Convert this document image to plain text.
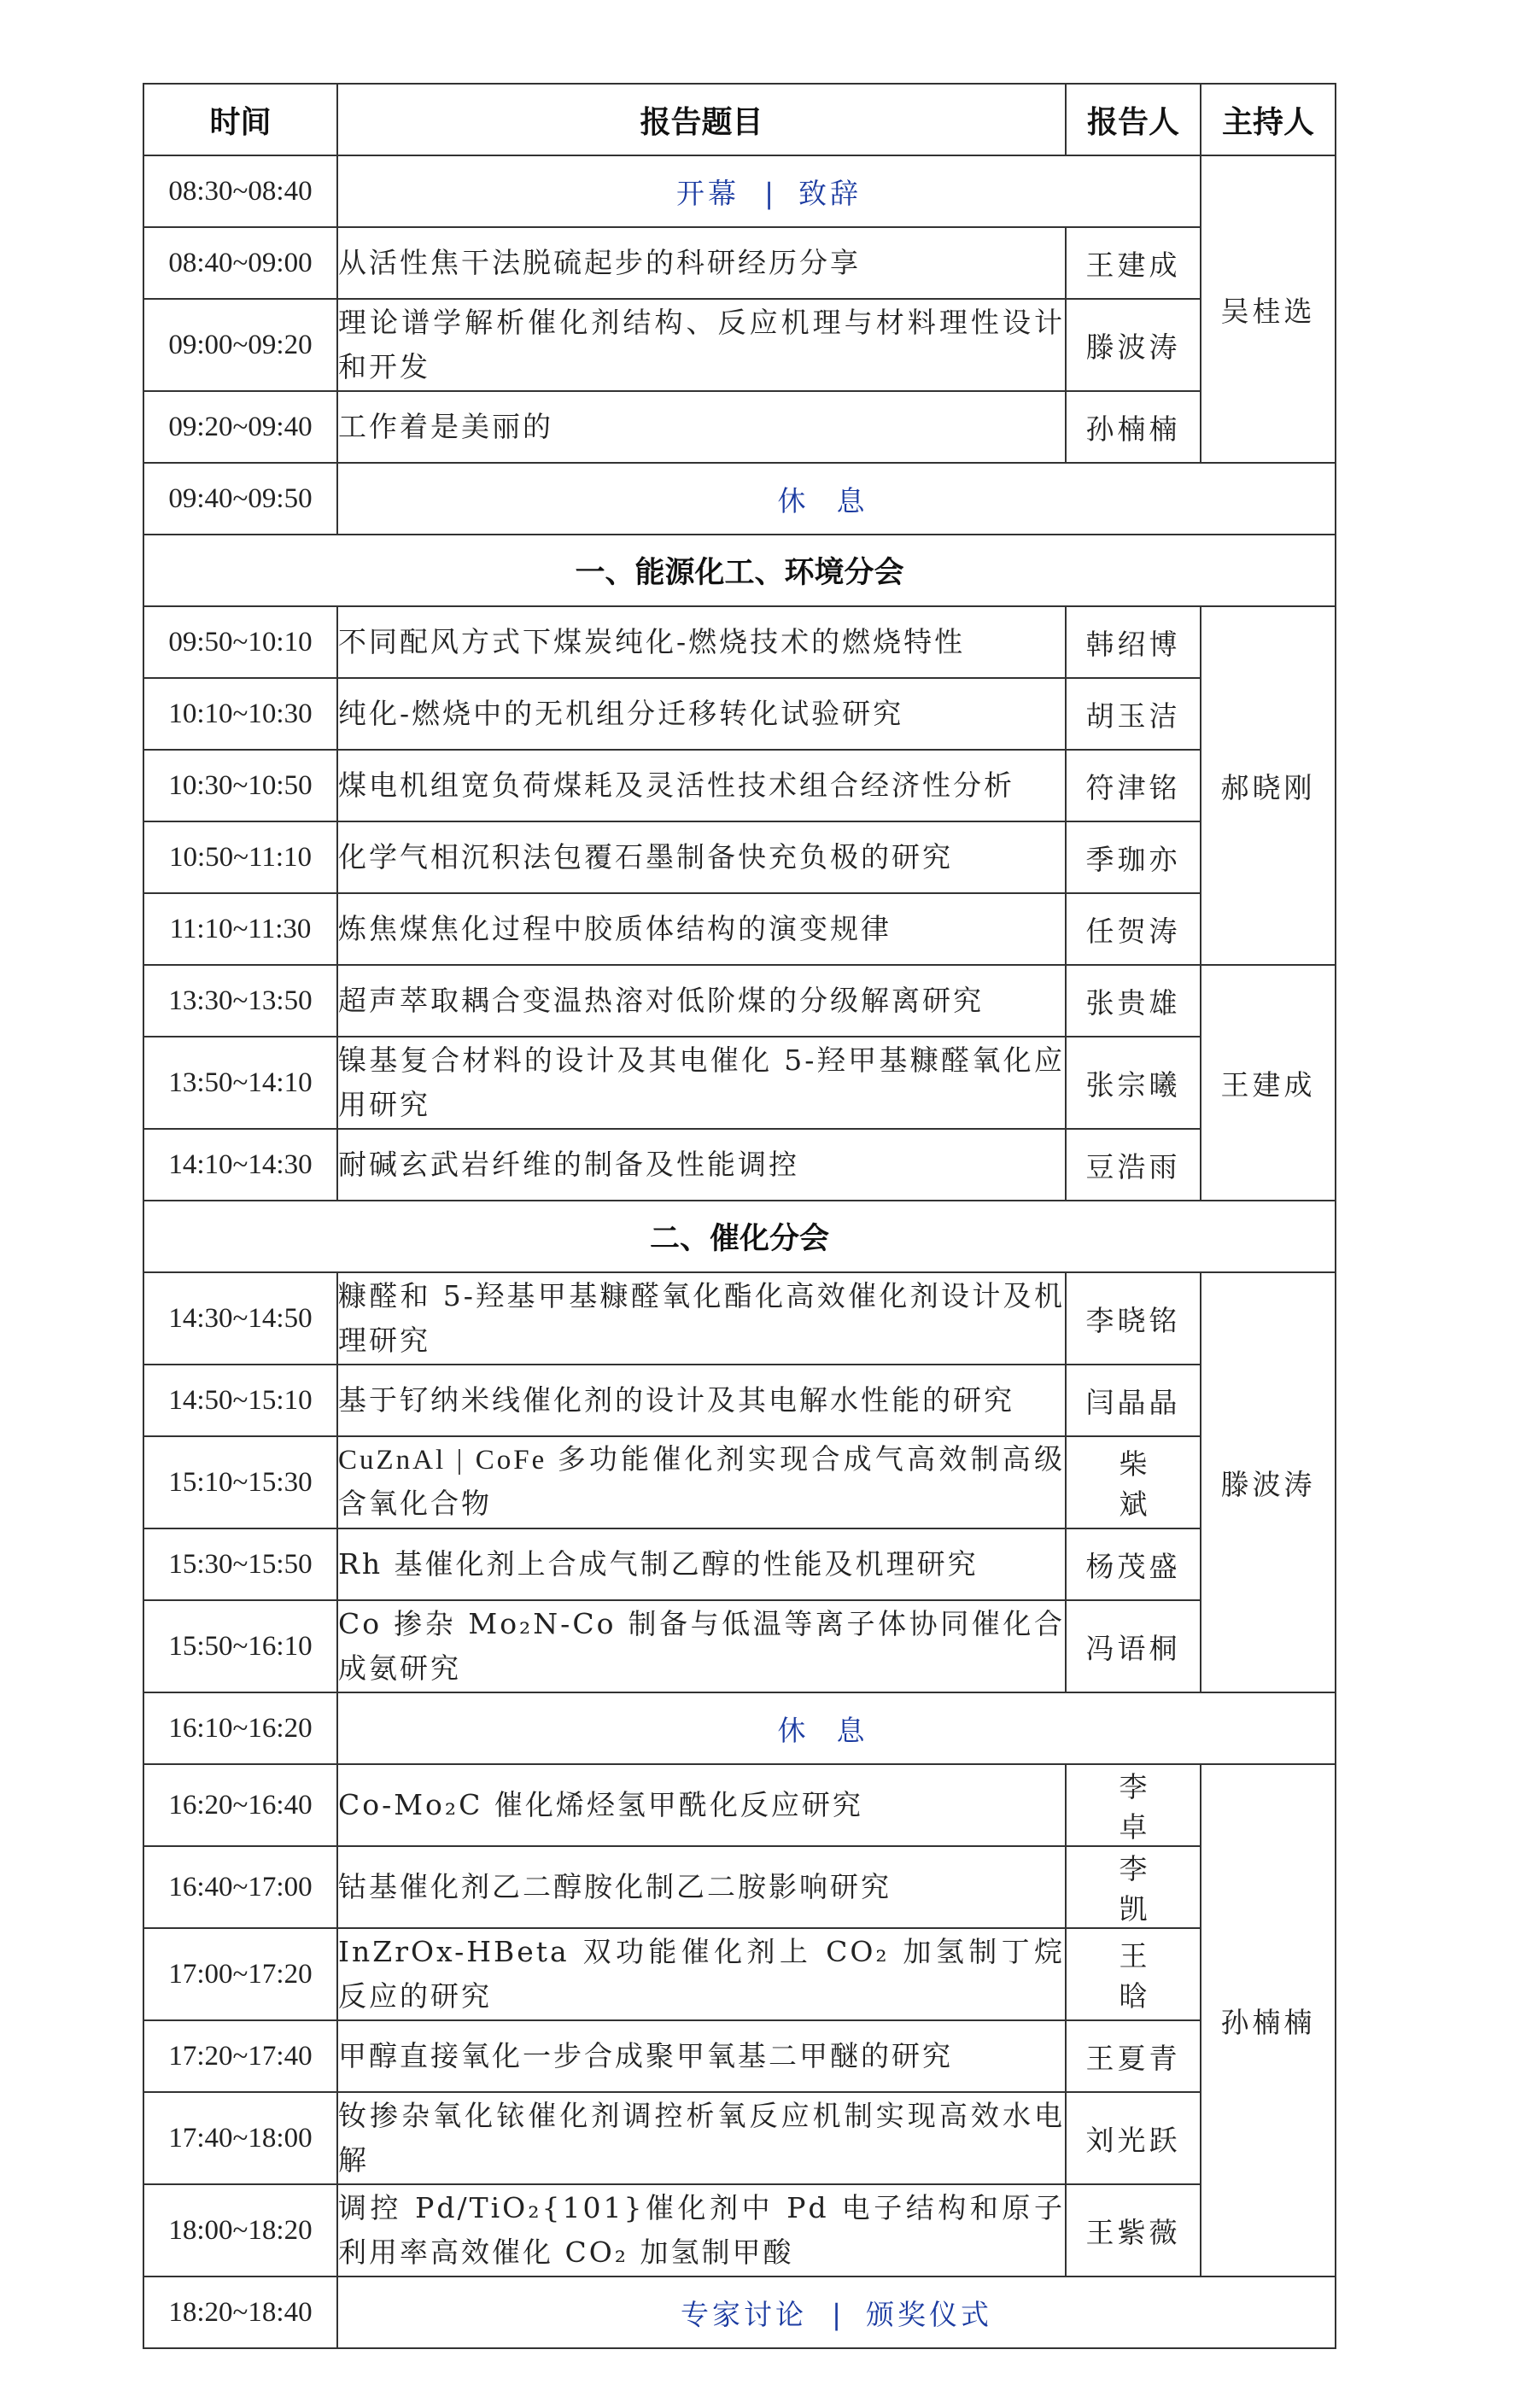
时间	报告题目	报告人	主持人
08:30~08:40	开幕 | 致辞		吴桂选
08:40~09:00	从活性焦干法脱硫起步的科研经历分享	王建成	
09:00~09:20	理论谱学解析催化剂结构、反应机理与材料理性设计和开发	滕波涛	
09:20~09:40	工作着是美丽的	孙楠楠	
09:40~09:50	休息		
一、能源化工、环境分会			
09:50~10:10	不同配风方式下煤炭纯化-燃烧技术的燃烧特性	韩绍博	郝晓刚
10:10~10:30	纯化-燃烧中的无机组分迁移转化试验研究	胡玉洁	
10:30~10:50	煤电机组宽负荷煤耗及灵活性技术组合经济性分析	符津铭	
10:50~11:10	化学气相沉积法包覆石墨制备快充负极的研究	季珈亦	
11:10~11:30	炼焦煤焦化过程中胶质体结构的演变规律	任贺涛	
13:30~13:50	超声萃取耦合变温热溶对低阶煤的分级解离研究	张贵雄	王建成
13:50~14:10	镍基复合材料的设计及其电催化 5-羟甲基糠醛氧化应用研究	张宗曦	
14:10~14:30	耐碱玄武岩纤维的制备及性能调控	豆浩雨	
二、催化分会			
14:30~14:50	糠醛和 5-羟基甲基糠醛氧化酯化高效催化剂设计及机理研究	李晓铭	滕波涛
14:50~15:10	基于钌纳米线催化剂的设计及其电解水性能的研究	闫晶晶	
15:10~15:30	CuZnAl | CoFe 多功能催化剂实现合成气高效制高级含氧化合物	柴斌	
15:30~15:50	Rh 基催化剂上合成气制乙醇的性能及机理研究	杨茂盛	
15:50~16:10	Co 掺杂 Mo₂N-Co 制备与低温等离子体协同催化合成氨研究	冯语桐	
16:10~16:20	休息		
16:20~16:40	Co-Mo₂C 催化烯烃氢甲酰化反应研究	李卓	孙楠楠
16:40~17:00	钴基催化剂乙二醇胺化制乙二胺影响研究	李凯	
17:00~17:20	InZrOx-HBeta 双功能催化剂上 CO₂ 加氢制丁烷反应的研究	王晗	
17:20~17:40	甲醇直接氧化一步合成聚甲氧基二甲醚的研究	王夏青	
17:40~18:00	钕掺杂氧化铱催化剂调控析氧反应机制实现高效水电解	刘光跃	
18:00~18:20	调控 Pd/TiO₂{101}催化剂中 Pd 电子结构和原子利用率高效催化 CO₂ 加氢制甲酸	王紫薇	
18:20~18:40	专家讨论 | 颁奖仪式		
